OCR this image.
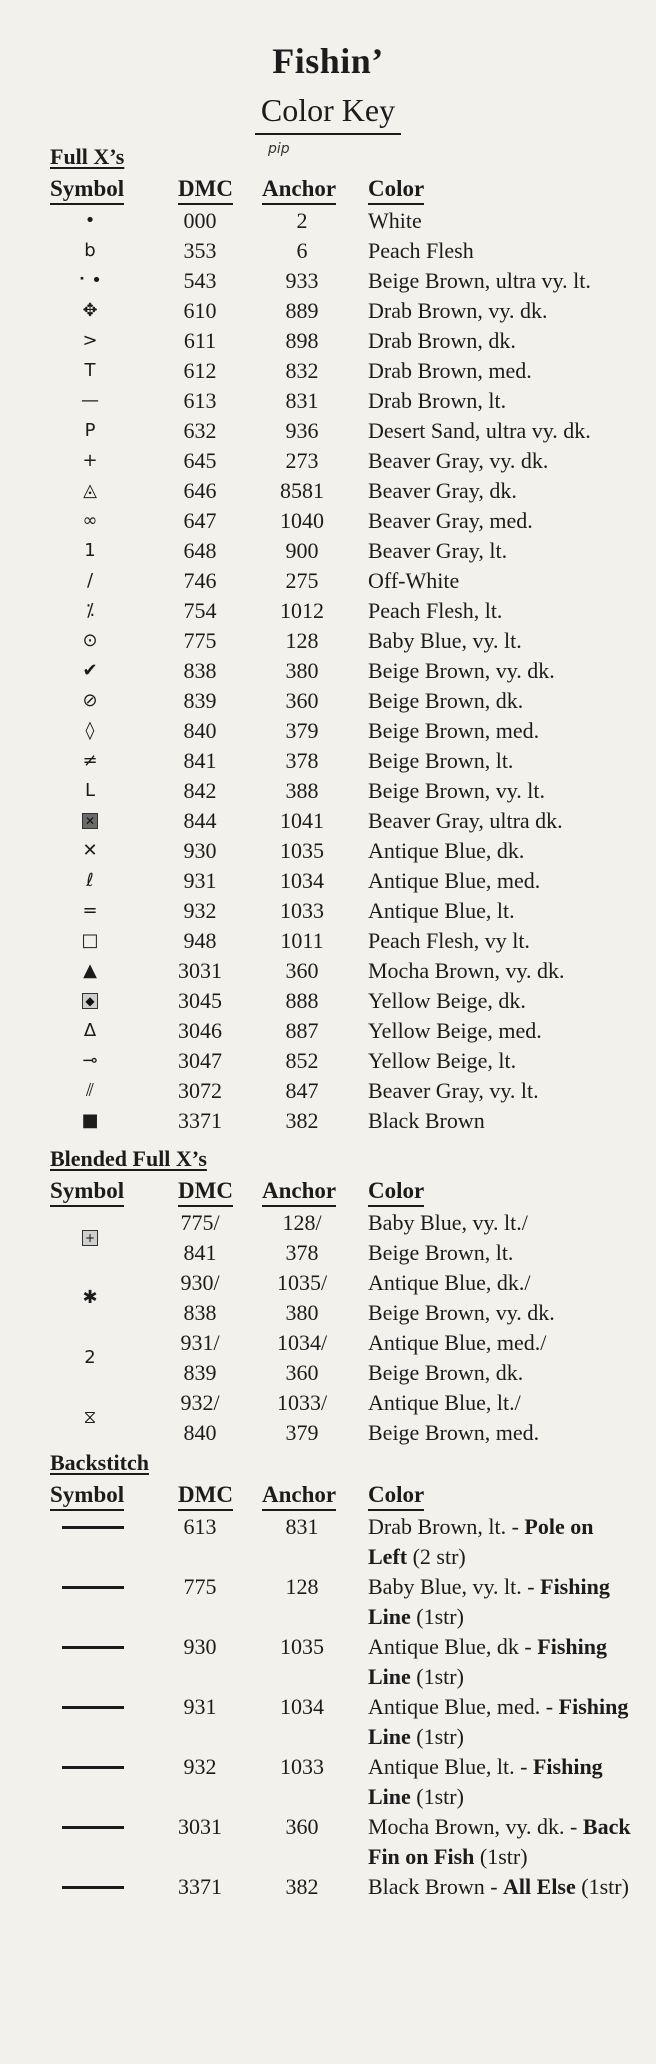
Fishin’
Color Key
pip
Full X’s
Symbol DMC Anchor Color
•	000	2	White
b	353	6	Peach Flesh
⠂•	543	933	Beige Brown, ultra vy. lt.
✥	610	889	Drab Brown, vy. dk.
>	611	898	Drab Brown, dk.
T	612	832	Drab Brown, med.
—	613	831	Drab Brown, lt.
P	632	936	Desert Sand, ultra vy. dk.
+	645	273	Beaver Gray, vy. dk.
◬	646	8581	Beaver Gray, dk.
∞	647	1040	Beaver Gray, med.
1	648	900	Beaver Gray, lt.
/	746	275	Off-White
⁒	754	1012	Peach Flesh, lt.
⊙	775	128	Baby Blue, vy. lt.
✔	838	380	Beige Brown, vy. dk.
⊘	839	360	Beige Brown, dk.
◊	840	379	Beige Brown, med.
≠	841	378	Beige Brown, lt.
L	842	388	Beige Brown, vy. lt.
✕	844	1041	Beaver Gray, ultra dk.
✕	930	1035	Antique Blue, dk.
ℓ	931	1034	Antique Blue, med.
=	932	1033	Antique Blue, lt.
□	948	1011	Peach Flesh, vy lt.
▲	3031	360	Mocha Brown, vy. dk.
◆	3045	888	Yellow Beige, dk.
Δ	3046	887	Yellow Beige, med.
⊸	3047	852	Yellow Beige, lt.
⫽	3072	847	Beaver Gray, vy. lt.
■	3371	382	Black Brown
Blended Full X’s
Symbol DMC Anchor Color
+
775/	128/	Baby Blue, vy. lt./
841	378	Beige Brown, lt.
✱
930/	1035/	Antique Blue, dk./
838	380	Beige Brown, vy. dk.
2
931/	1034/	Antique Blue, med./
839	360	Beige Brown, dk.
⧖
932/	1033/	Antique Blue, lt./
840	379	Beige Brown, med.
Backstitch
Symbol DMC Anchor Color
613	831	Drab Brown, lt. - Pole on Left (2 str)
775	128	Baby Blue, vy. lt. - Fishing Line (1str)
930	1035	Antique Blue, dk - Fishing Line (1str)
931	1034	Antique Blue, med. - Fishing Line (1str)
932	1033	Antique Blue, lt. - Fishing Line (1str)
3031	360	Mocha Brown, vy. dk. - Back Fin on Fish (1str)
3371	382	Black Brown - All Else (1str)
